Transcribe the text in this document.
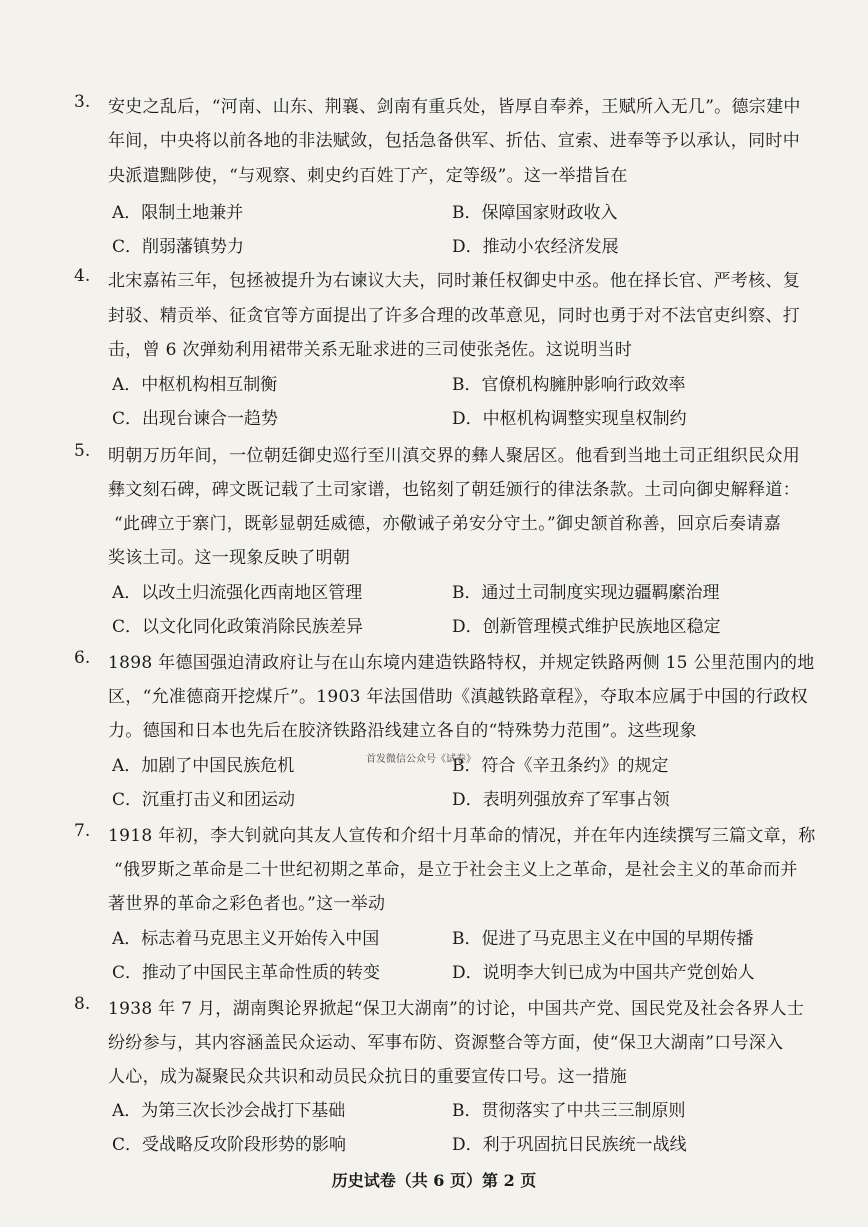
3. 安史之乱后，“河南、山东、荆襄、剑南有重兵处，皆厚自奉养，王赋所入无几”。德宗建中
年间，中央将以前各地的非法赋敛，包括急备供军、折估、宣索、进奉等予以承认，同时中
央派遣黜陟使，“与观察、刺史约百姓丁产，定等级”。这一举措旨在
A．限制土地兼并	B．保障国家财政收入
C．削弱藩镇势力	D．推动小农经济发展
4. 北宋嘉祐三年，包拯被提升为右谏议大夫，同时兼任权御史中丞。他在择长官、严考核、复
封驳、精贡举、征贪官等方面提出了许多合理的改革意见，同时也勇于对不法官吏纠察、打
击，曾 6 次弹劾利用裙带关系无耻求进的三司使张尧佐。这说明当时
A．中枢机构相互制衡	B．官僚机构臃肿影响行政效率
C．出现台谏合一趋势	D．中枢机构调整实现皇权制约
5. 明朝万历年间，一位朝廷御史巡行至川滇交界的彝人聚居区。他看到当地土司正组织民众用
彝文刻石碑，碑文既记载了土司家谱，也铭刻了朝廷颁行的律法条款。土司向御史解释道：
“此碑立于寨门，既彰显朝廷威德，亦儆诫子弟安分守土。”御史颔首称善，回京后奏请嘉
奖该土司。这一现象反映了明朝
A．以改土归流强化西南地区管理	B．通过土司制度实现边疆羁縻治理
C．以文化同化政策消除民族差异	D．创新管理模式维护民族地区稳定
6. 1898 年德国强迫清政府让与在山东境内建造铁路特权，并规定铁路两侧 15 公里范围内的地
区，“允准德商开挖煤斤”。1903 年法国借助《滇越铁路章程》，夺取本应属于中国的行政权
力。德国和日本也先后在胶济铁路沿线建立各自的“特殊势力范围”。这些现象
A．加剧了中国民族危机	B．符合《辛丑条约》的规定
C．沉重打击义和团运动	D．表明列强放弃了军事占领
7. 1918 年初，李大钊就向其友人宣传和介绍十月革命的情况，并在年内连续撰写三篇文章，称
“俄罗斯之革命是二十世纪初期之革命，是立于社会主义上之革命，是社会主义的革命而并
著世界的革命之彩色者也。”这一举动
A．标志着马克思主义开始传入中国	B．促进了马克思主义在中国的早期传播
C．推动了中国民主革命性质的转变	D．说明李大钊已成为中国共产党创始人
8. 1938 年 7 月，湖南舆论界掀起“保卫大湖南”的讨论，中国共产党、国民党及社会各界人士
纷纷参与，其内容涵盖民众运动、军事布防、资源整合等方面，使“保卫大湖南”口号深入
人心，成为凝聚民众共识和动员民众抗日的重要宣传口号。这一措施
A．为第三次长沙会战打下基础	B．贯彻落实了中共三三制原则
C．受战略反攻阶段形势的影响	D．利于巩固抗日民族统一战线
首发微信公众号《试卷》
历史试卷（共 6 页）第 2 页
